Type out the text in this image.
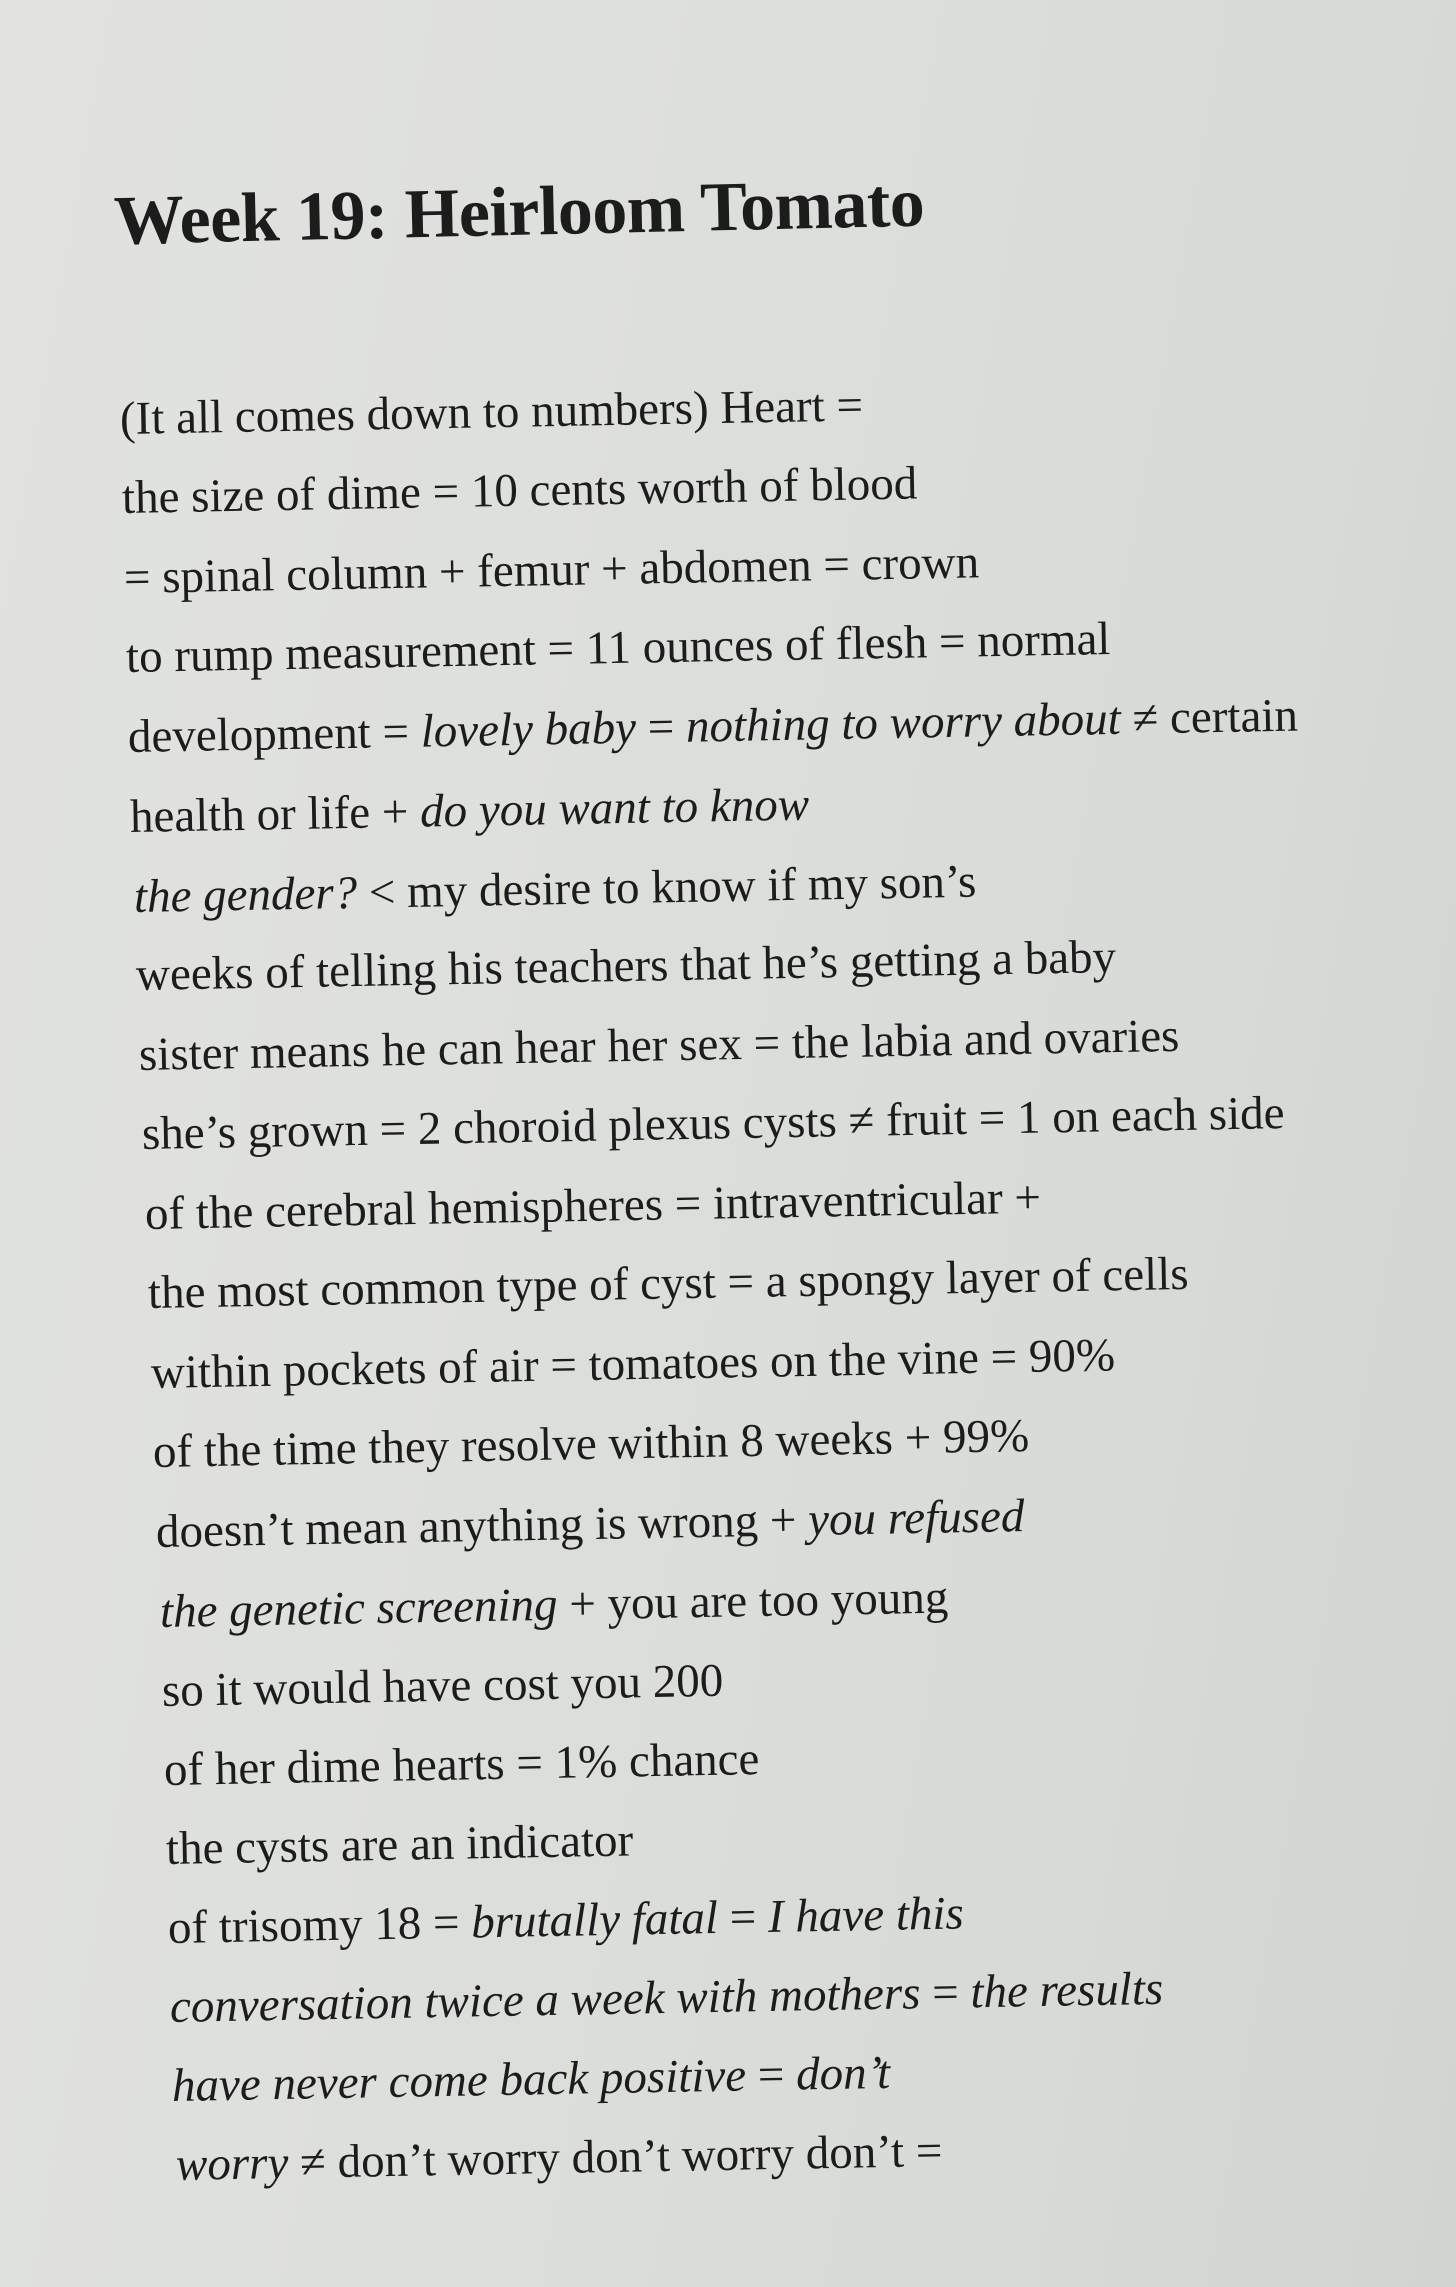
Week 19: Heirloom Tomato
(It all comes down to numbers) Heart =
the size of dime = 10 cents worth of blood
= spinal column + femur + abdomen = crown
to rump measurement = 11 ounces of flesh = normal
development = lovely baby = nothing to worry about ≠ certain
health or life + do you want to know
the gender? < my desire to know if my son’s
weeks of telling his teachers that he’s getting a baby
sister means he can hear her sex = the labia and ovaries
she’s grown = 2 choroid plexus cysts ≠ fruit = 1 on each side
of the cerebral hemispheres = intraventricular +
the most common type of cyst = a spongy layer of cells
within pockets of air = tomatoes on the vine = 90%
of the time they resolve within 8 weeks + 99%
doesn’t mean anything is wrong + you refused
the genetic screening + you are too young
so it would have cost you 200
of her dime hearts = 1% chance
the cysts are an indicator
of trisomy 18 = brutally fatal = I have this
conversation twice a week with mothers = the results
have never come back positive = don’t
worry ≠ don’t worry don’t worry don’t =
